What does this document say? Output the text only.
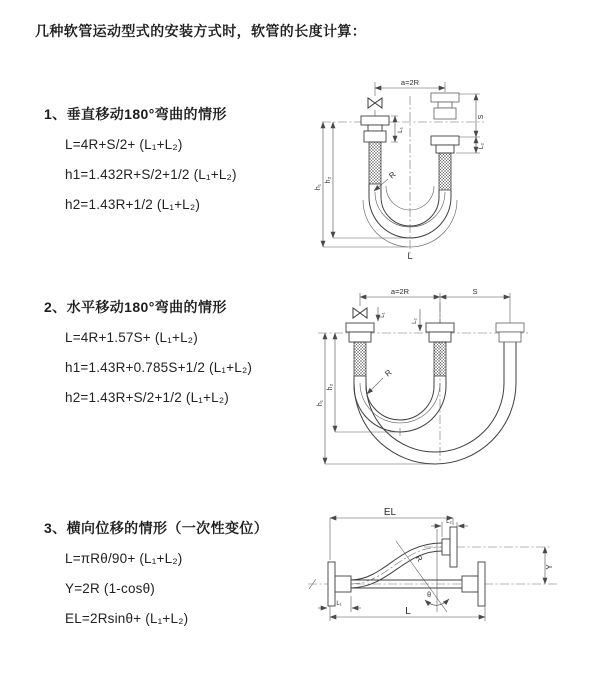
几种软管运动型式的安装方式时，软管的长度计算：
1、垂直移动180°弯曲的情形
L=4R+S/2+ (L₁+L₂)
h1=1.432R+S/2+1/2 (L₁+L₂)
h2=1.43R+1/2 (L₁+L₂)
a=2R
S
L₂
L₁
h₁
h₂	R
L
2、水平移动180°弯曲的情形
L=4R+1.57S+ (L₁+L₂)
h1=1.43R+0.785S+1/2 (L₁+L₂)
h2=1.43R+S/2+1/2 (L₁+L₂)
a=2R	S
h₁
h₂
R
L₁
L₂
3、横向位移的情形（一次性变位）
L=πRθ/90+ (L₁+L₂)
Y=2R (1-cosθ)
EL=2Rsinθ+ (L₁+L₂)
θ
R
EL
L₂
Y
L
L₁
